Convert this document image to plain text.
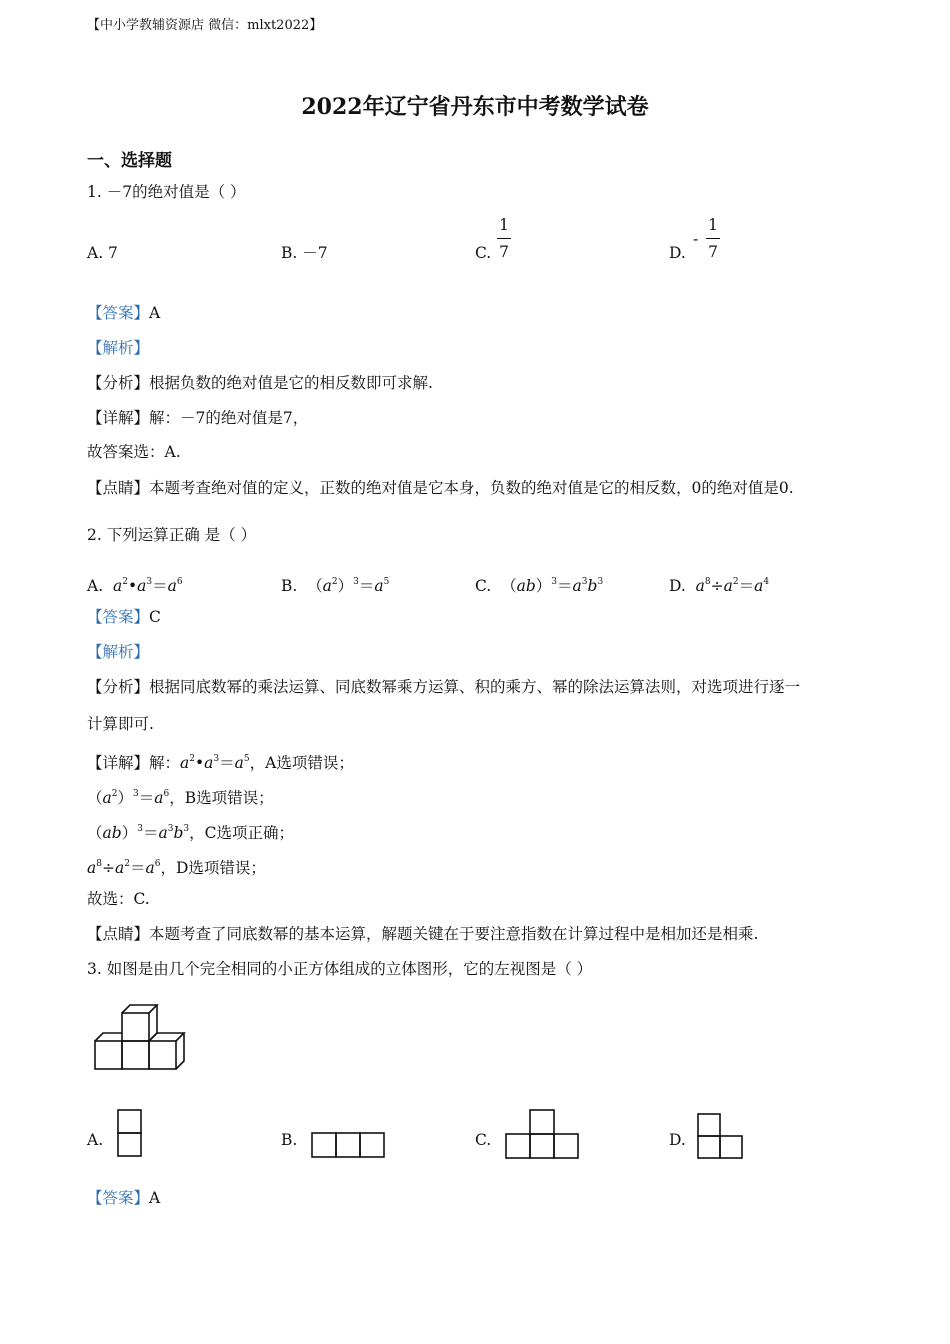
【中小学教辅资源店 微信：mlxt2022】
2022年辽宁省丹东市中考数学试卷
一、选择题
1. －7的绝对值是（ ）
A. 7	B. －7	C.
1
7	D.
-
1
7
【答案】A
【解析】
【分析】根据负数的绝对值是它的相反数即可求解.
【详解】解：－7的绝对值是7，
故答案选：A.
【点睛】本题考查绝对值的定义，正数的绝对值是它本身，负数的绝对值是它的相反数，0的绝对值是0.
2. 下列运算正确 是（ ）
A.  $a^2•a^3=a^6$	B.  $(a^2)^3=a^5$	C.  $(ab)^3=a^3b^3$	D.  $a^8\div a^2=a^4$
【答案】C
【解析】
【分析】根据同底数幂的乘法运算、同底数幂乘方运算、积的乘方、幂的除法运算法则，对选项进行逐一
计算即可.
【详解】解：$a^2•a^3=a^5$，A选项错误；
$(a^2)^3=a^6$，B选项错误；
$(ab)^3=a^3b^3$，C选项正确；
$a^8\div a^2=a^6$，D选项错误；
故选：C.
【点睛】本题考查了同底数幂的基本运算，解题关键在于要注意指数在计算过程中是相加还是相乘.
3. 如图是由几个完全相同的小正方体组成的立体图形，它的左视图是（ ）
A.	B.	C.	D.
【答案】A
